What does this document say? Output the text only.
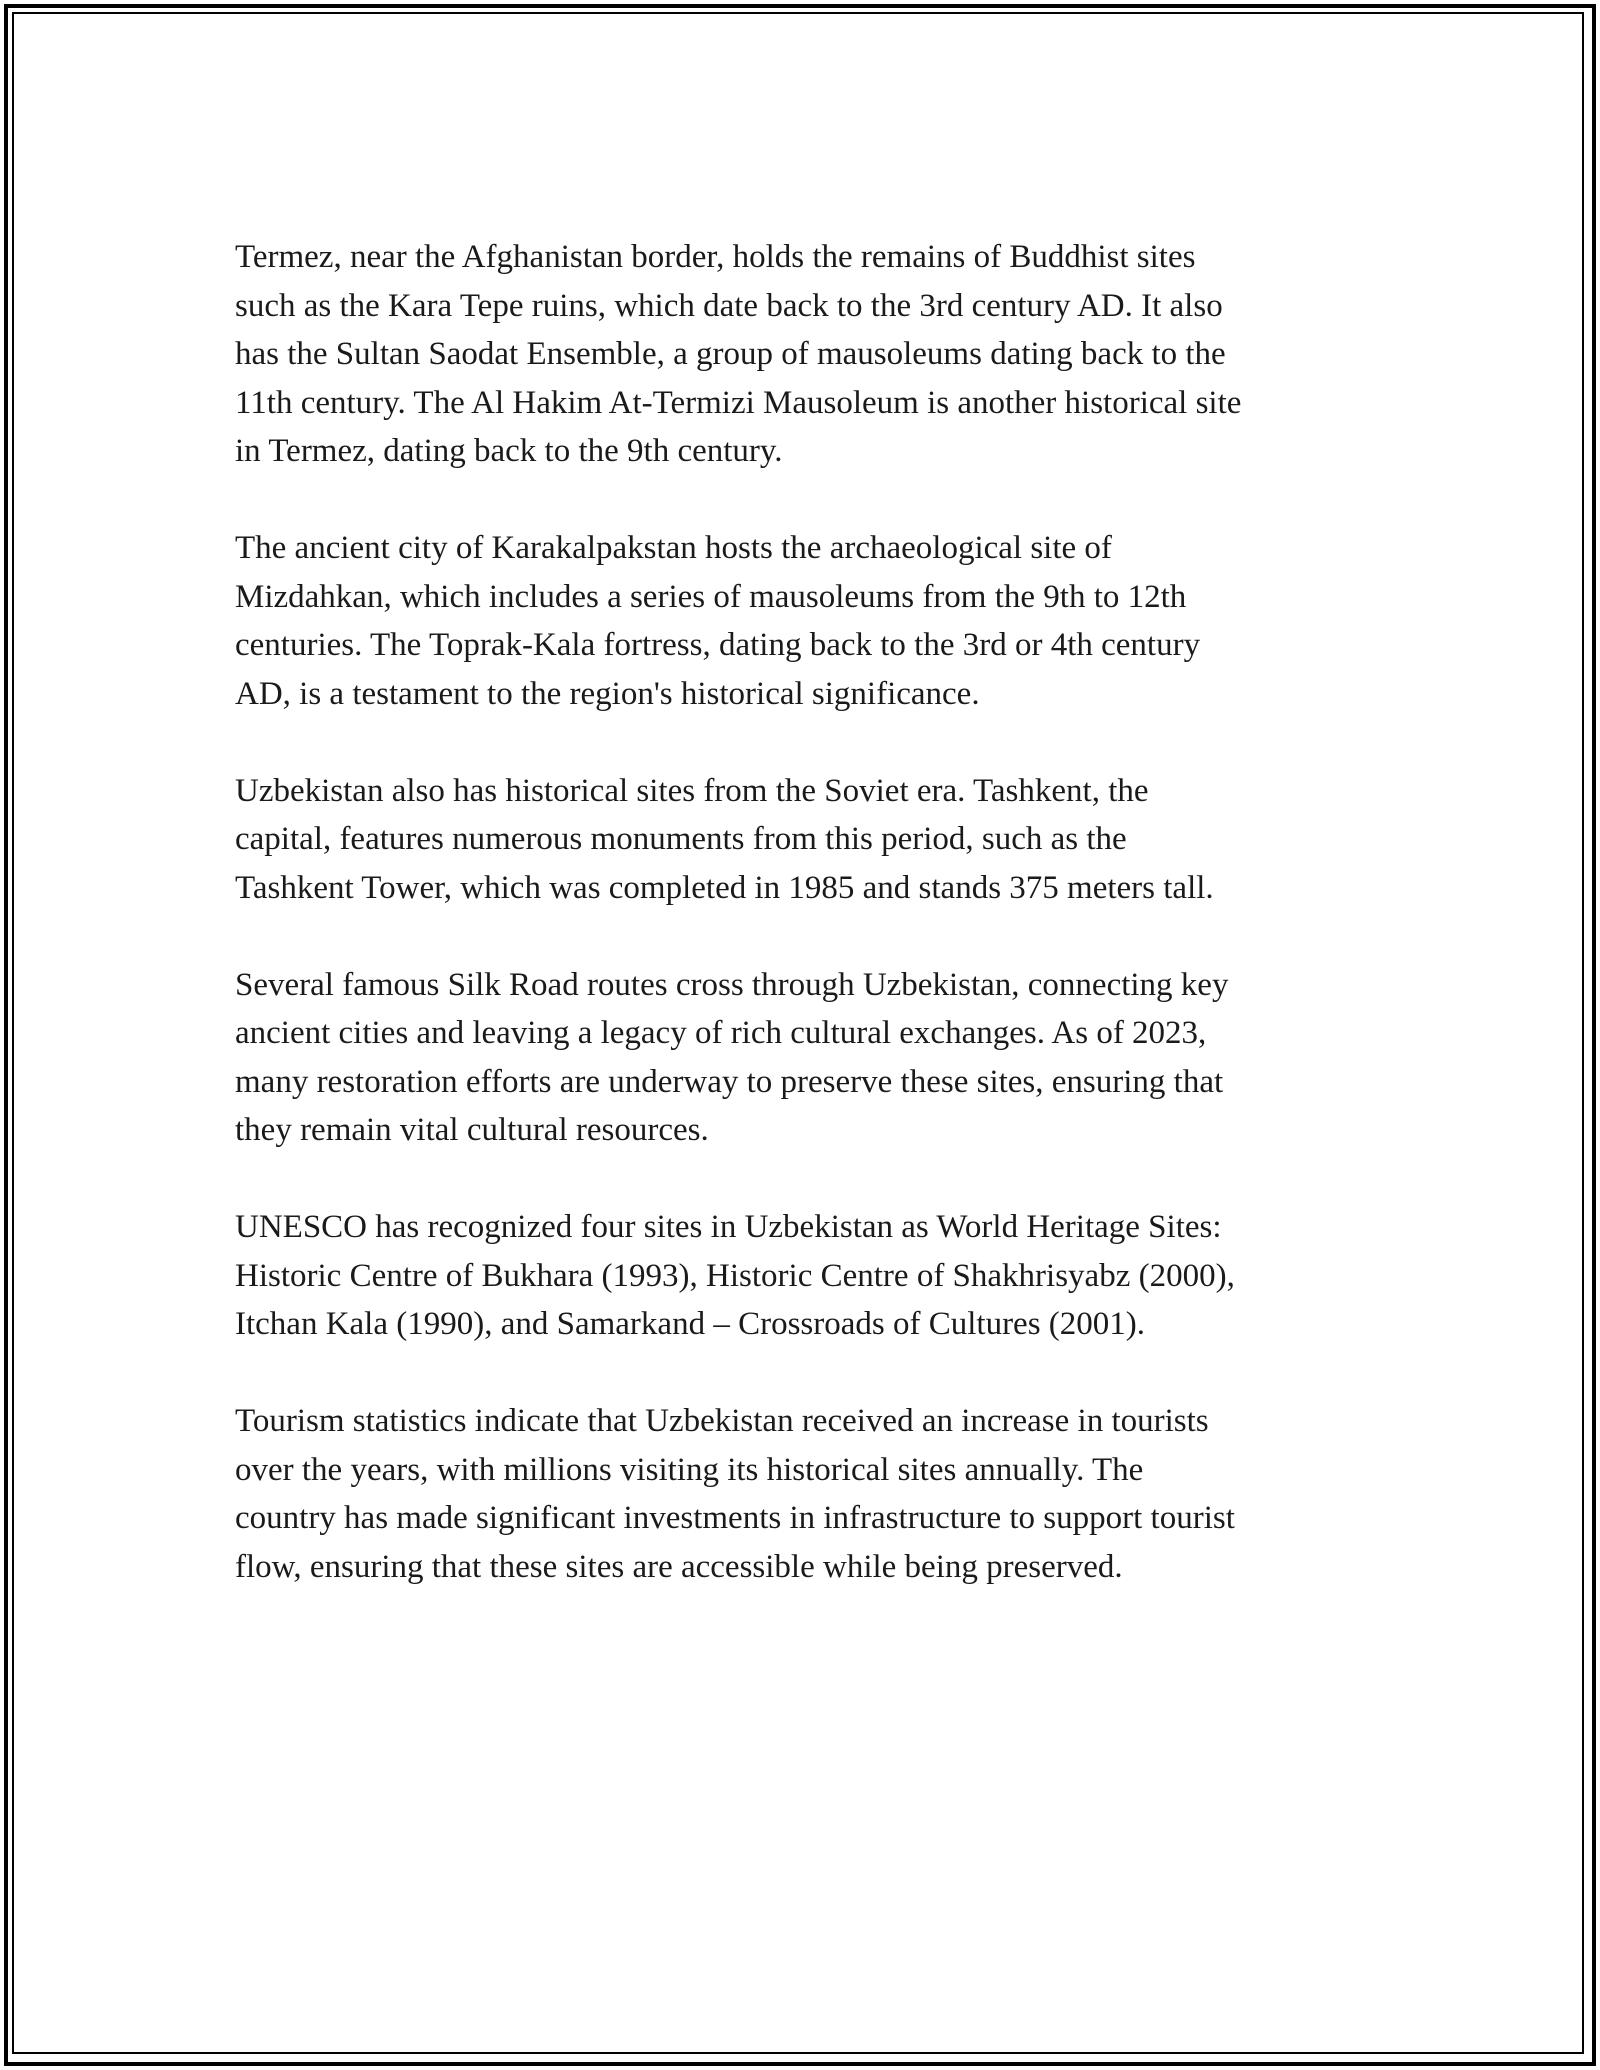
Termez, near the Afghanistan border, holds the remains of Buddhist sites
such as the Kara Tepe ruins, which date back to the 3rd century AD. It also
has the Sultan Saodat Ensemble, a group of mausoleums dating back to the
11th century. The Al Hakim At-Termizi Mausoleum is another historical site
in Termez, dating back to the 9th century.

The ancient city of Karakalpakstan hosts the archaeological site of
Mizdahkan, which includes a series of mausoleums from the 9th to 12th
centuries. The Toprak-Kala fortress, dating back to the 3rd or 4th century
AD, is a testament to the region's historical significance.

Uzbekistan also has historical sites from the Soviet era. Tashkent, the
capital, features numerous monuments from this period, such as the
Tashkent Tower, which was completed in 1985 and stands 375 meters tall.

Several famous Silk Road routes cross through Uzbekistan, connecting key
ancient cities and leaving a legacy of rich cultural exchanges. As of 2023,
many restoration efforts are underway to preserve these sites, ensuring that
they remain vital cultural resources.

UNESCO has recognized four sites in Uzbekistan as World Heritage Sites:
Historic Centre of Bukhara (1993), Historic Centre of Shakhrisyabz (2000),
Itchan Kala (1990), and Samarkand – Crossroads of Cultures (2001).

Tourism statistics indicate that Uzbekistan received an increase in tourists
over the years, with millions visiting its historical sites annually. The
country has made significant investments in infrastructure to support tourist
flow, ensuring that these sites are accessible while being preserved.
